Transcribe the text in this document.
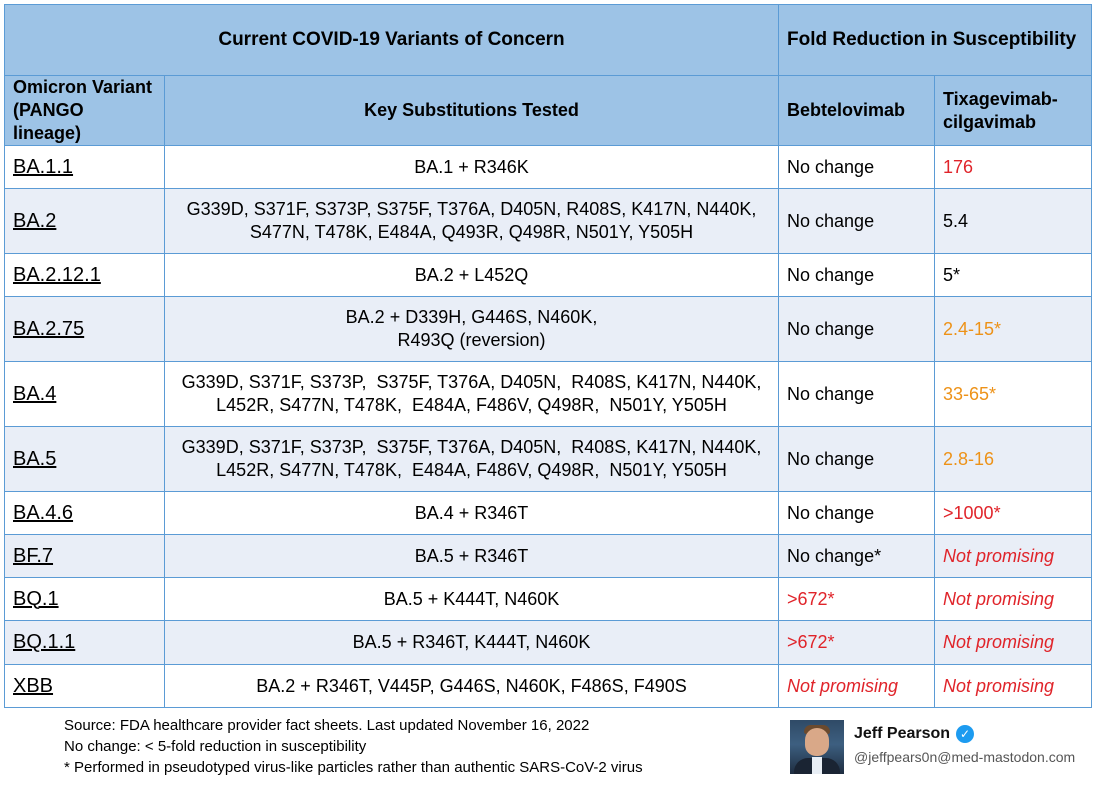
Current COVID-19 Variants of Concern		Fold Reduction in Susceptibility	
Omicron Variant (PANGO lineage)	Key Substitutions Tested	Bebtelovimab	Tixagevimab-cilgavimab
BA.1.1	BA.1 + R346K	No change	176
BA.2	G339D, S371F, S373P, S375F, T376A, D405N, R408S, K417N, N440K,
S477N, T478K, E484A, Q493R, Q498R, N501Y, Y505H	No change	5.4
BA.2.12.1	BA.2 + L452Q	No change	5*
BA.2.75	BA.2 + D339H, G446S, N460K,
R493Q (reversion)	No change	2.4-15*
BA.4	G339D, S371F, S373P,  S375F, T376A, D405N,  R408S, K417N, N440K,
L452R, S477N, T478K,  E484A, F486V, Q498R,  N501Y, Y505H	No change	33-65*
BA.5	G339D, S371F, S373P,  S375F, T376A, D405N,  R408S, K417N, N440K,
L452R, S477N, T478K,  E484A, F486V, Q498R,  N501Y, Y505H	No change	2.8-16
BA.4.6	BA.4 + R346T	No change	>1000*
BF.7	BA.5 + R346T	No change*	Not promising
BQ.1	BA.5 + K444T, N460K	>672*	Not promising
BQ.1.1	BA.5 + R346T, K444T, N460K	>672*	Not promising
XBB	BA.2 + R346T, V445P, G446S, N460K, F486S, F490S	Not promising	Not promising
Source: FDA healthcare provider fact sheets. Last updated November 16, 2022
No change: < 5-fold reduction in susceptibility
* Performed in pseudotyped virus-like particles rather than authentic SARS-CoV-2 virus
Jeff Pearson ✓
@jeffpears0n@med-mastodon.com
